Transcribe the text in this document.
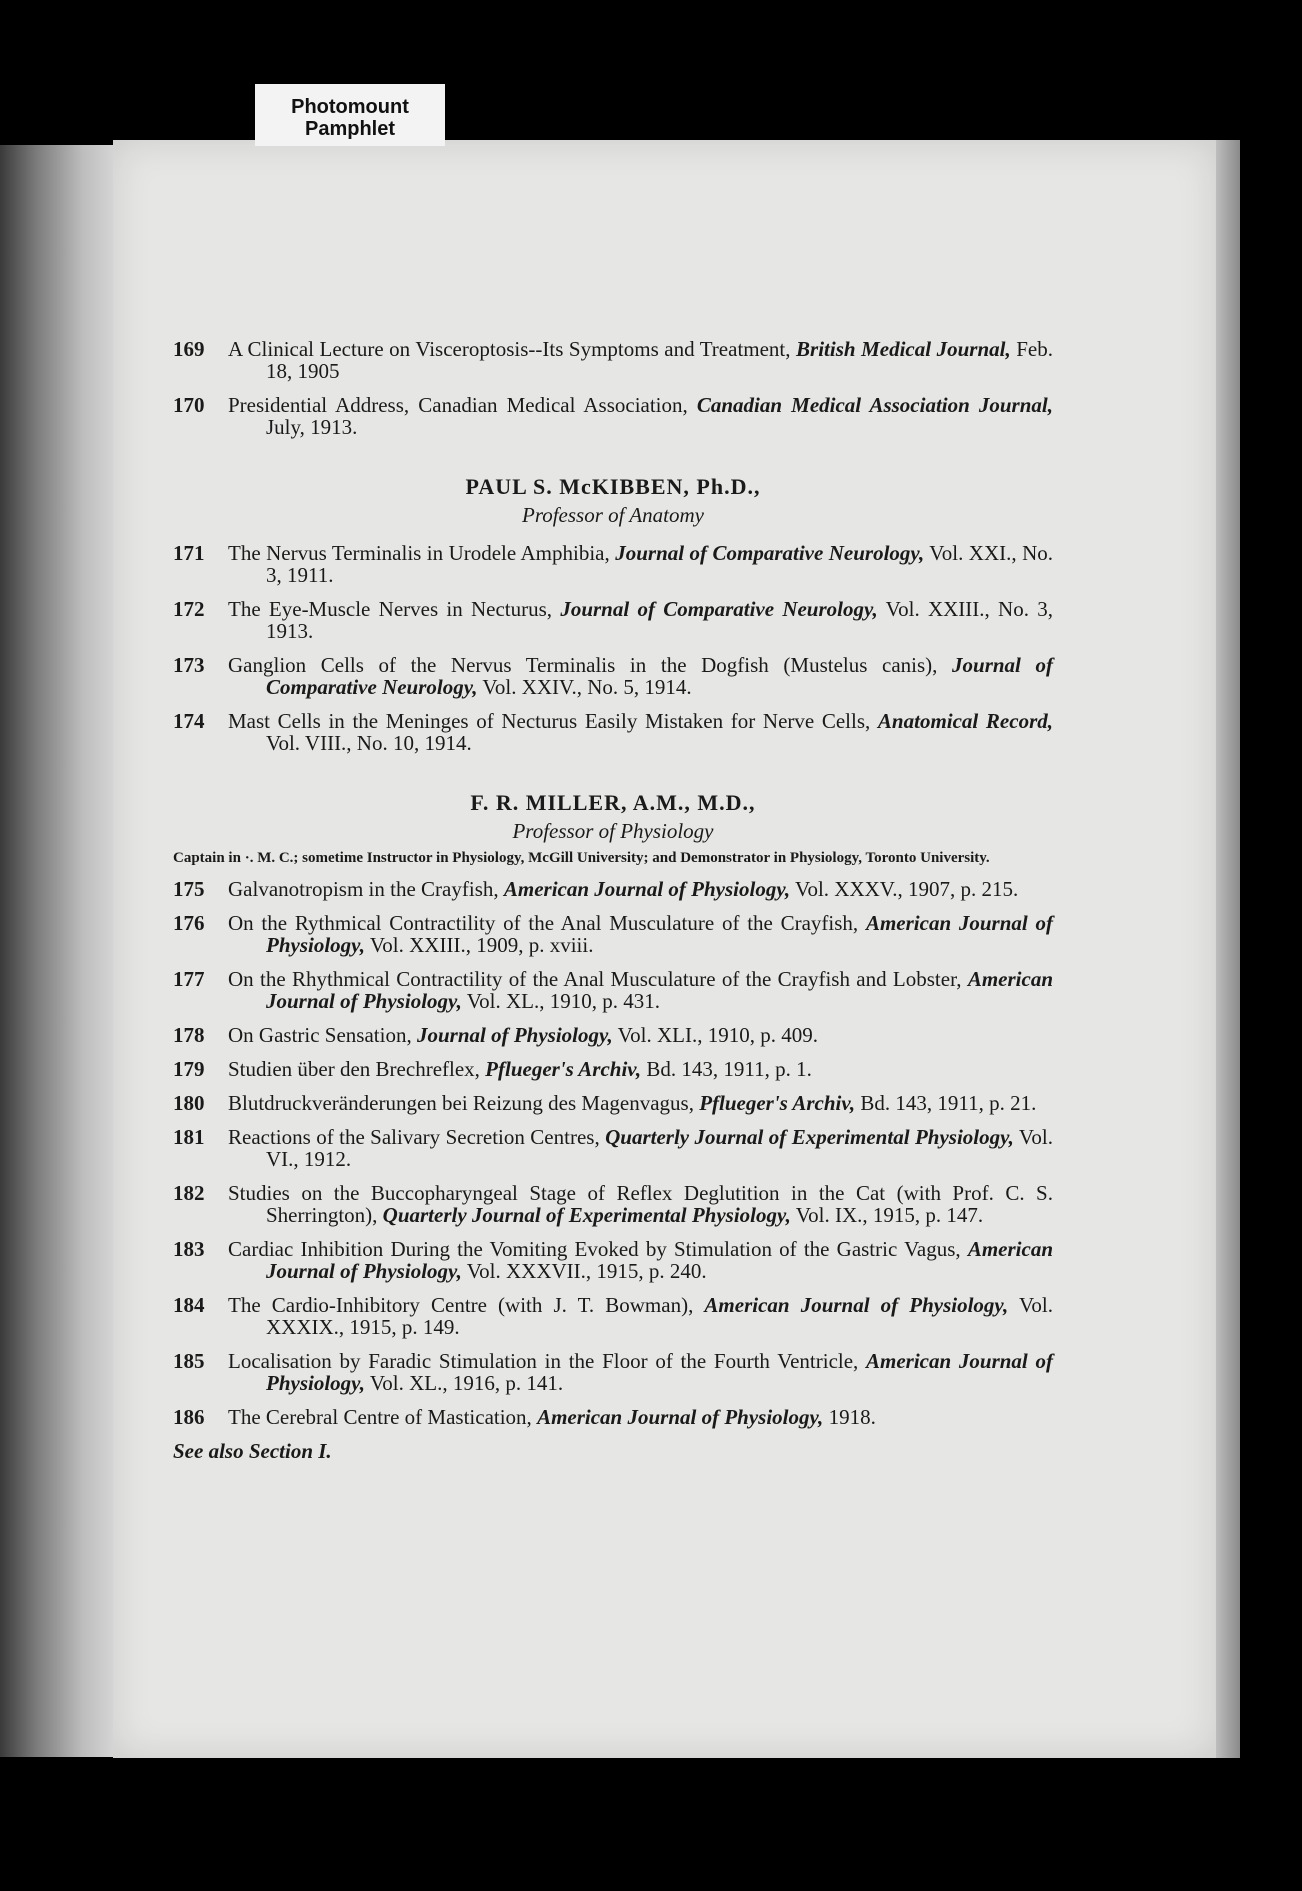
Photomount
Pamphlet
169 A Clinical Lecture on Visceroptosis--Its Symptoms and Treatment, British Medical Journal, Feb. 18, 1905
170 Presidential Address, Canadian Medical Association, Canadian Medical Association Journal, July, 1913.
PAUL S. McKIBBEN, Ph.D.,
Professor of Anatomy
171 The Nervus Terminalis in Urodele Amphibia, Journal of Comparative Neurology, Vol. XXI., No. 3, 1911.
172 The Eye-Muscle Nerves in Necturus, Journal of Comparative Neurology, Vol. XXIII., No. 3, 1913.
173 Ganglion Cells of the Nervus Terminalis in the Dogfish (Mustelus canis), Journal of Comparative Neurology, Vol. XXIV., No. 5, 1914.
174 Mast Cells in the Meninges of Necturus Easily Mistaken for Nerve Cells, Anatomical Record, Vol. VIII., No. 10, 1914.
F. R. MILLER, A.M., M.D.,
Professor of Physiology
Captain in ·. M. C.; sometime Instructor in Physiology, McGill University; and Demonstrator in Physiology, Toronto University.
175 Galvanotropism in the Crayfish, American Journal of Physiology, Vol. XXXV., 1907, p. 215.
176 On the Rythmical Contractility of the Anal Musculature of the Crayfish, American Journal of Physiology, Vol. XXIII., 1909, p. xviii.
177 On the Rhythmical Contractility of the Anal Musculature of the Crayfish and Lobster, American Journal of Physiology, Vol. XL., 1910, p. 431.
178 On Gastric Sensation, Journal of Physiology, Vol. XLI., 1910, p. 409.
179 Studien über den Brechreflex, Pflueger's Archiv, Bd. 143, 1911, p. 1.
180 Blutdruckveränderungen bei Reizung des Magenvagus, Pflueger's Archiv, Bd. 143, 1911, p. 21.
181 Reactions of the Salivary Secretion Centres, Quarterly Journal of Experimental Physiology, Vol. VI., 1912.
182 Studies on the Buccopharyngeal Stage of Reflex Deglutition in the Cat (with Prof. C. S. Sherrington), Quarterly Journal of Experimental Physiology, Vol. IX., 1915, p. 147.
183 Cardiac Inhibition During the Vomiting Evoked by Stimulation of the Gastric Vagus, American Journal of Physiology, Vol. XXXVII., 1915, p. 240.
184 The Cardio-Inhibitory Centre (with J. T. Bowman), American Journal of Physiology, Vol. XXXIX., 1915, p. 149.
185 Localisation by Faradic Stimulation in the Floor of the Fourth Ventricle, American Journal of Physiology, Vol. XL., 1916, p. 141.
186 The Cerebral Centre of Mastication, American Journal of Physiology, 1918.
See also Section I.
